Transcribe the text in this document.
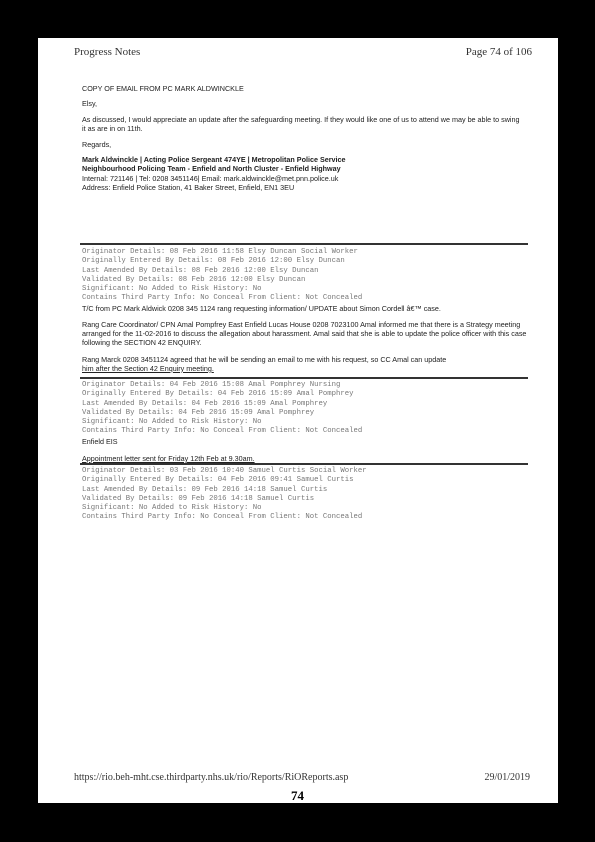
Progress Notes	Page 74 of 106

COPY OF EMAIL FROM PC MARK ALDWINCKLE

Elsy,

As discussed, I would appreciate an update after the safeguarding meeting. If they would like one of us to attend we may be able to swing it as are in on 11th.

Regards,

Mark Aldwinckle | Acting Police Sergeant 474YE | Metropolitan Police Service

Neighbourhood Policing Team - Enfield and North Cluster - Enfield Highway

Internal: 721146 | Tel: 0208 3451146| Email: mark.aldwinckle@met.pnn.police.uk

Address: Enfield Police Station, 41 Baker Street, Enfield, EN1 3EU

Originator Details: 08 Feb 2016 11:58 Elsy Duncan Social Worker
Originally Entered By Details: 08 Feb 2016 12:00 Elsy Duncan
Last Amended By Details: 08 Feb 2016 12:00 Elsy Duncan
Validated By Details: 08 Feb 2016 12:00 Elsy Duncan
Significant: No Added to Risk History: No
Contains Third Party Info: No Conceal From Client: Not Concealed

T/C from PC Mark Aldwick 0208 345 1124 rang requesting information/ UPDATE about Simon Cordell â€™ case.

Rang Care Coordinator/ CPN Amal Pompfrey East Enfield Lucas House 0208 7023100 Amal informed me that there is a Strategy meeting arranged for the 11-02-2016 to discuss the allegation about harassment. Amal said that she is able to update the police officer with this case following the SECTION 42 ENQUIRY.

Rang Marck 0208 3451124 agreed that he will be sending an email to me with his request, so CC Amal can update

him after the Section 42 Enquiry meeting.

Originator Details: 04 Feb 2016 15:08 Amal Pomphrey Nursing
Originally Entered By Details: 04 Feb 2016 15:09 Amal Pomphrey
Last Amended By Details: 04 Feb 2016 15:09 Amal Pomphrey
Validated By Details: 04 Feb 2016 15:09 Amal Pomphrey
Significant: No Added to Risk History: No
Contains Third Party Info: No Conceal From Client: Not Concealed

Enfield EIS

Appointment letter sent for Friday 12th Feb at 9.30am.

Originator Details: 03 Feb 2016 10:40 Samuel Curtis Social Worker
Originally Entered By Details: 04 Feb 2016 09:41 Samuel Curtis
Last Amended By Details: 09 Feb 2016 14:18 Samuel Curtis
Validated By Details: 09 Feb 2016 14:18 Samuel Curtis
Significant: No Added to Risk History: No
Contains Third Party Info: No Conceal From Client: Not Concealed
https://rio.beh-mht.cse.thirdparty.nhs.uk/rio/Reports/RiOReports.asp	29/01/2019
74
